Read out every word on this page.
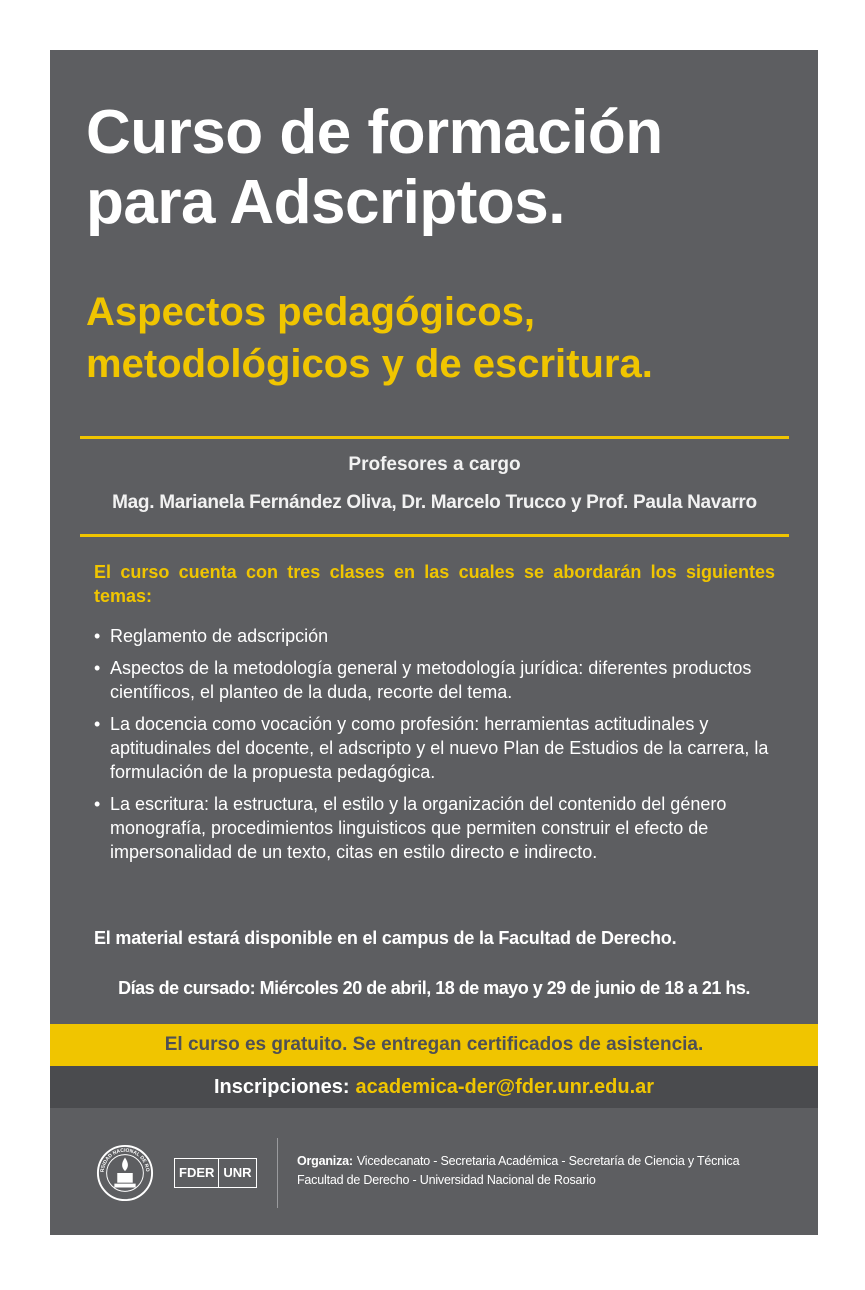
Curso de formación
para Adscriptos.
Aspectos pedagógicos,
metodológicos y de escritura.
Profesores a cargo
Mag. Marianela Fernández Oliva, Dr. Marcelo Trucco y Prof. Paula Navarro
El curso cuenta con tres clases en las cuales se abordarán los siguientes temas:
• Reglamento de adscripción
• Aspectos de la metodología general y metodología jurídica: diferentes productos científicos, el planteo de la duda, recorte del tema.
• La docencia como vocación y como profesión: herramientas actitudinales y aptitudinales del docente, el adscripto y el nuevo Plan de Estudios de la carrera, la formulación de la propuesta pedagógica.
• La escritura: la estructura, el estilo y la organización del contenido del género monografía, procedimientos linguisticos que permiten construir el efecto de impersonalidad de un texto, citas en estilo directo e indirecto.
El material estará disponible en el campus de la Facultad de Derecho.
Días de cursado: Miércoles 20 de abril, 18 de mayo y 29 de junio de 18 a 21 hs.
El curso es gratuito. Se entregan certificados de asistencia.
Inscripciones: academica-der@fder.unr.edu.ar
RSIDAD NACIONAL DE RO	FDER UNR
Organiza: Vicedecanato - Secretaria Académica - Secretaría de Ciencia y Técnica
Facultad de Derecho - Universidad Nacional de Rosario
